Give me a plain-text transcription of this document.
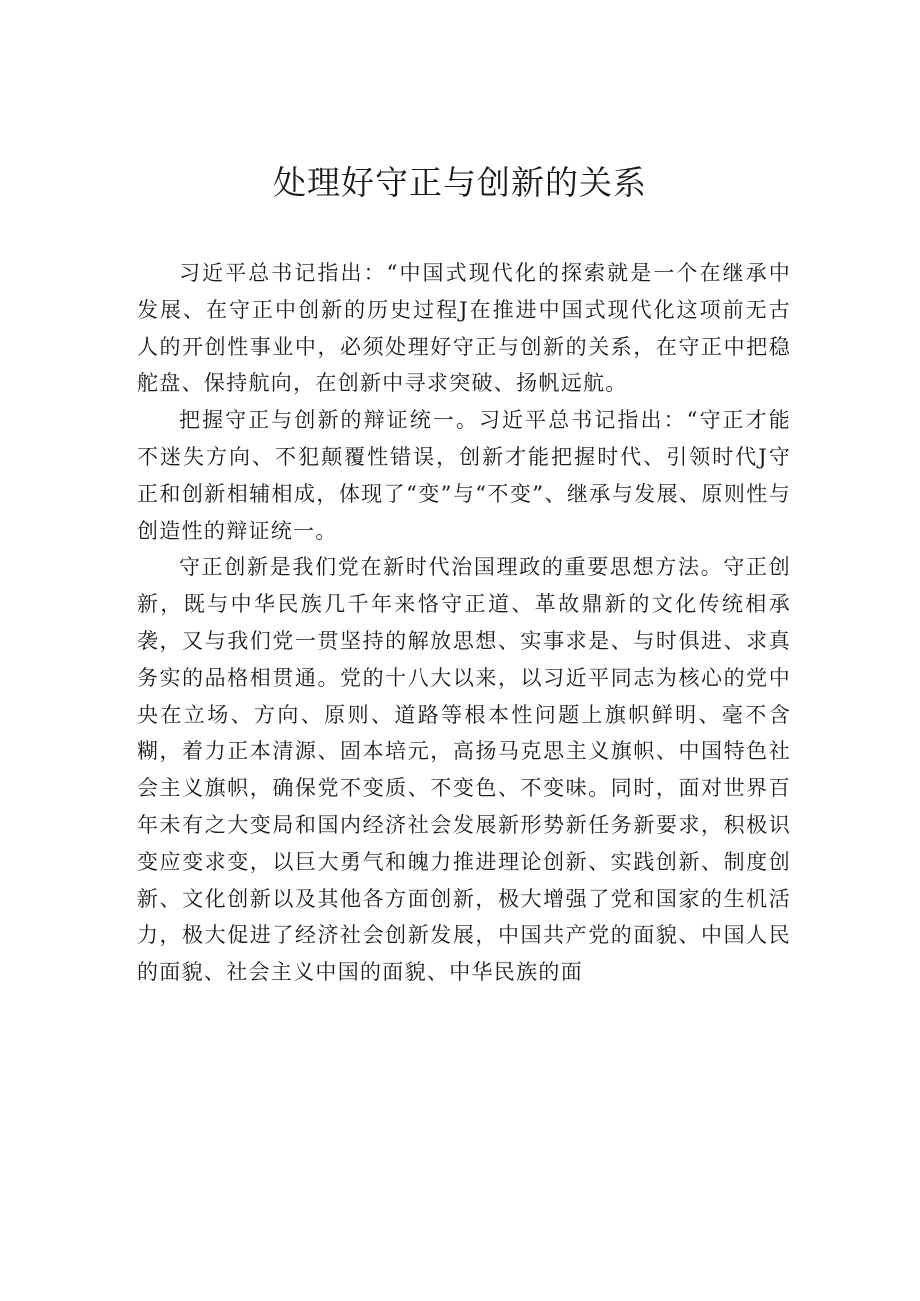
处理好守正与创新的关系

习近平总书记指出：“中国式现代化的探索就是一个在继承中发展、在守正中创新的历史过程J在推进中国式现代化这项前无古人的开创性事业中，必须处理好守正与创新的关系，在守正中把稳舵盘、保持航向，在创新中寻求突破、扬帆远航。

把握守正与创新的辩证统一。习近平总书记指出：“守正才能不迷失方向、不犯颠覆性错误，创新才能把握时代、引领时代J守正和创新相辅相成，体现了“变”与“不变”、继承与发展、原则性与创造性的辩证统一。

守正创新是我们党在新时代治国理政的重要思想方法。守正创新，既与中华民族几千年来恪守正道、革故鼎新的文化传统相承袭，又与我们党一贯坚持的解放思想、实事求是、与时俱进、求真务实的品格相贯通。党的十八大以来，以习近平同志为核心的党中央在立场、方向、原则、道路等根本性问题上旗帜鲜明、毫不含糊，着力正本清源、固本培元，高扬马克思主义旗帜、中国特色社会主义旗帜，确保党不变质、不变色、不变味。同时，面对世界百年未有之大变局和国内经济社会发展新形势新任务新要求，积极识变应变求变，以巨大勇气和魄力推进理论创新、实践创新、制度创新、文化创新以及其他各方面创新，极大增强了党和国家的生机活力，极大促进了经济社会创新发展，中国共产党的面貌、中国人民的面貌、社会主义中国的面貌、中华民族的面
